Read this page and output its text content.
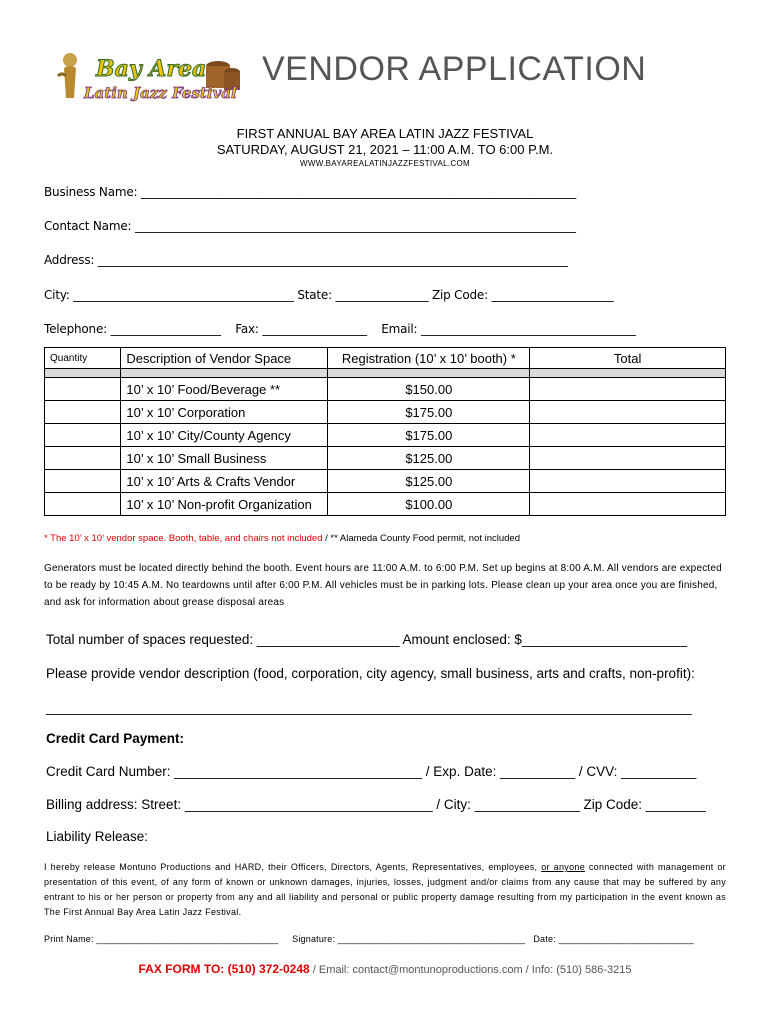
Bay Area
Latin Jazz Festival
VENDOR APPLICATION
FIRST ANNUAL BAY AREA LATIN JAZZ FESTIVAL
SATURDAY, AUGUST 21, 2021 – 11:00 A.M. TO 6:00 P.M.
WWW.BAYAREALATINJAZZFESTIVAL.COM
Business Name: ___________________________________________________________________________
Contact Name: ____________________________________________________________________________
Address: _________________________________________________________________________________
City: ______________________________________ State: ________________ Zip Code: _____________________
Telephone: ___________________ Fax: __________________ Email: _____________________________________
Quantity	Description of Vendor Space	Registration (10’ x 10’ booth) *	Total

	10’ x 10’ Food/Beverage **	$150.00	
	10’ x 10’ Corporation	$175.00	
	10’ x 10’ City/County Agency	$175.00	
	10’ x 10’ Small Business	$125.00	
	10’ x 10’ Arts & Crafts Vendor	$125.00	
	10’ x 10’ Non-profit Organization	$100.00	
* The 10’ x 10’ vendor space. Booth, table, and chairs not included / ** Alameda County Food permit, not included
Generators must be located directly behind the booth. Event hours are 11:00 A.M. to 6:00 P.M. Set up begins at 8:00 A.M. All vendors are expected to be ready by 10:45 A.M. No teardowns until after 6:00 P.M. All vehicles must be in parking lots. Please clean up your area once you are finished, and ask for information about grease disposal areas
Total number of spaces requested: ___________________ Amount enclosed: $______________________
Please provide vendor description (food, corporation, city agency, small business, arts and crafts, non-profit):
______________________________________________________________________________________
Credit Card Payment:
Credit Card Number: _________________________________ / Exp. Date: __________ / CVV: __________
Billing address: Street: _________________________________ / City: ______________ Zip Code: ________
Liability Release:
I hereby release Montuno Productions and HARD, their Officers, Directors, Agents, Representatives, employees, or anyone connected with management or presentation of this event, of any form of known or unknown damages, injuries, losses, judgment and/or claims from any cause that may be suffered by any entrant to his or her person or property from any and all liability and personal or public property damage resulting from my participation in the event known as The First Annual Bay Area Latin Jazz Festival.
Print Name: ___________________________________ Signature: ____________________________________ Date: __________________________
FAX FORM TO: (510) 372-0248 / Email: contact@montunoproductions.com / Info: (510) 586-3215
